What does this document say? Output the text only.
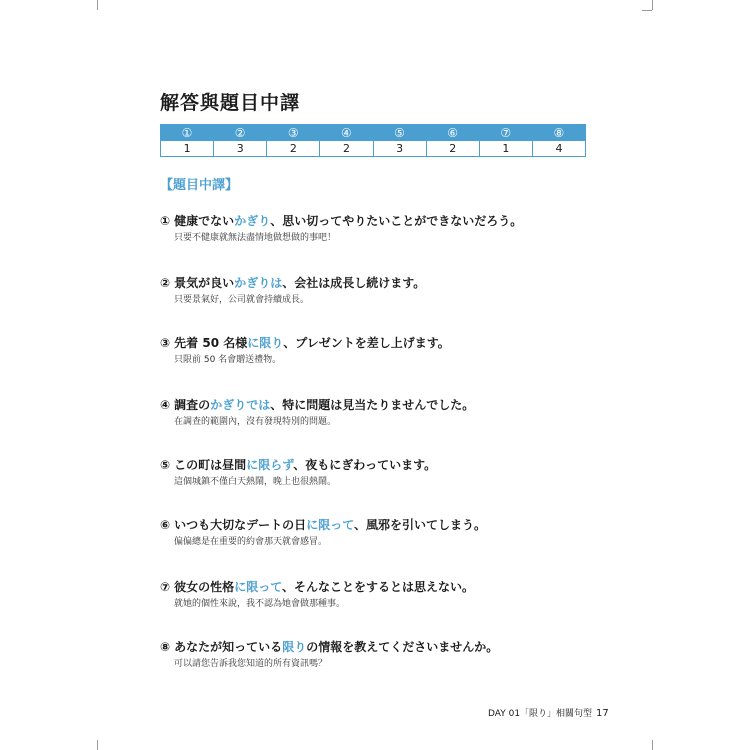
解答與題目中譯
①	②	③	④	⑤	⑥	⑦	⑧
1	3	2	2	3	2	1	4
【題目中譯】
① 健康でないかぎり、思い切ってやりたいことができないだろう。
只要不健康就無法盡情地做想做的事吧！
② 景気が良いかぎりは、会社は成長し続けます。
只要景氣好，公司就會持續成長。
③ 先着 50 名様に限り、プレゼントを差し上げます。
只限前 50 名會贈送禮物。
④ 調査のかぎりでは、特に問題は見当たりませんでした。
在調查的範圍內，沒有發現特別的問題。
⑤ この町は昼間に限らず、夜もにぎわっています。
這個城鎮不僅白天熱鬧，晚上也很熱鬧。
⑥ いつも大切なデートの日に限って、風邪を引いてしまう。
偏偏總是在重要的約會那天就會感冒。
⑦ 彼女の性格に限って、そんなことをするとは思えない。
就她的個性來說，我不認為她會做那種事。
⑧ あなたが知っている限りの情報を教えてくださいませんか。
可以請您告訴我您知道的所有資訊嗎？
DAY 01「限り」相關句型 17
